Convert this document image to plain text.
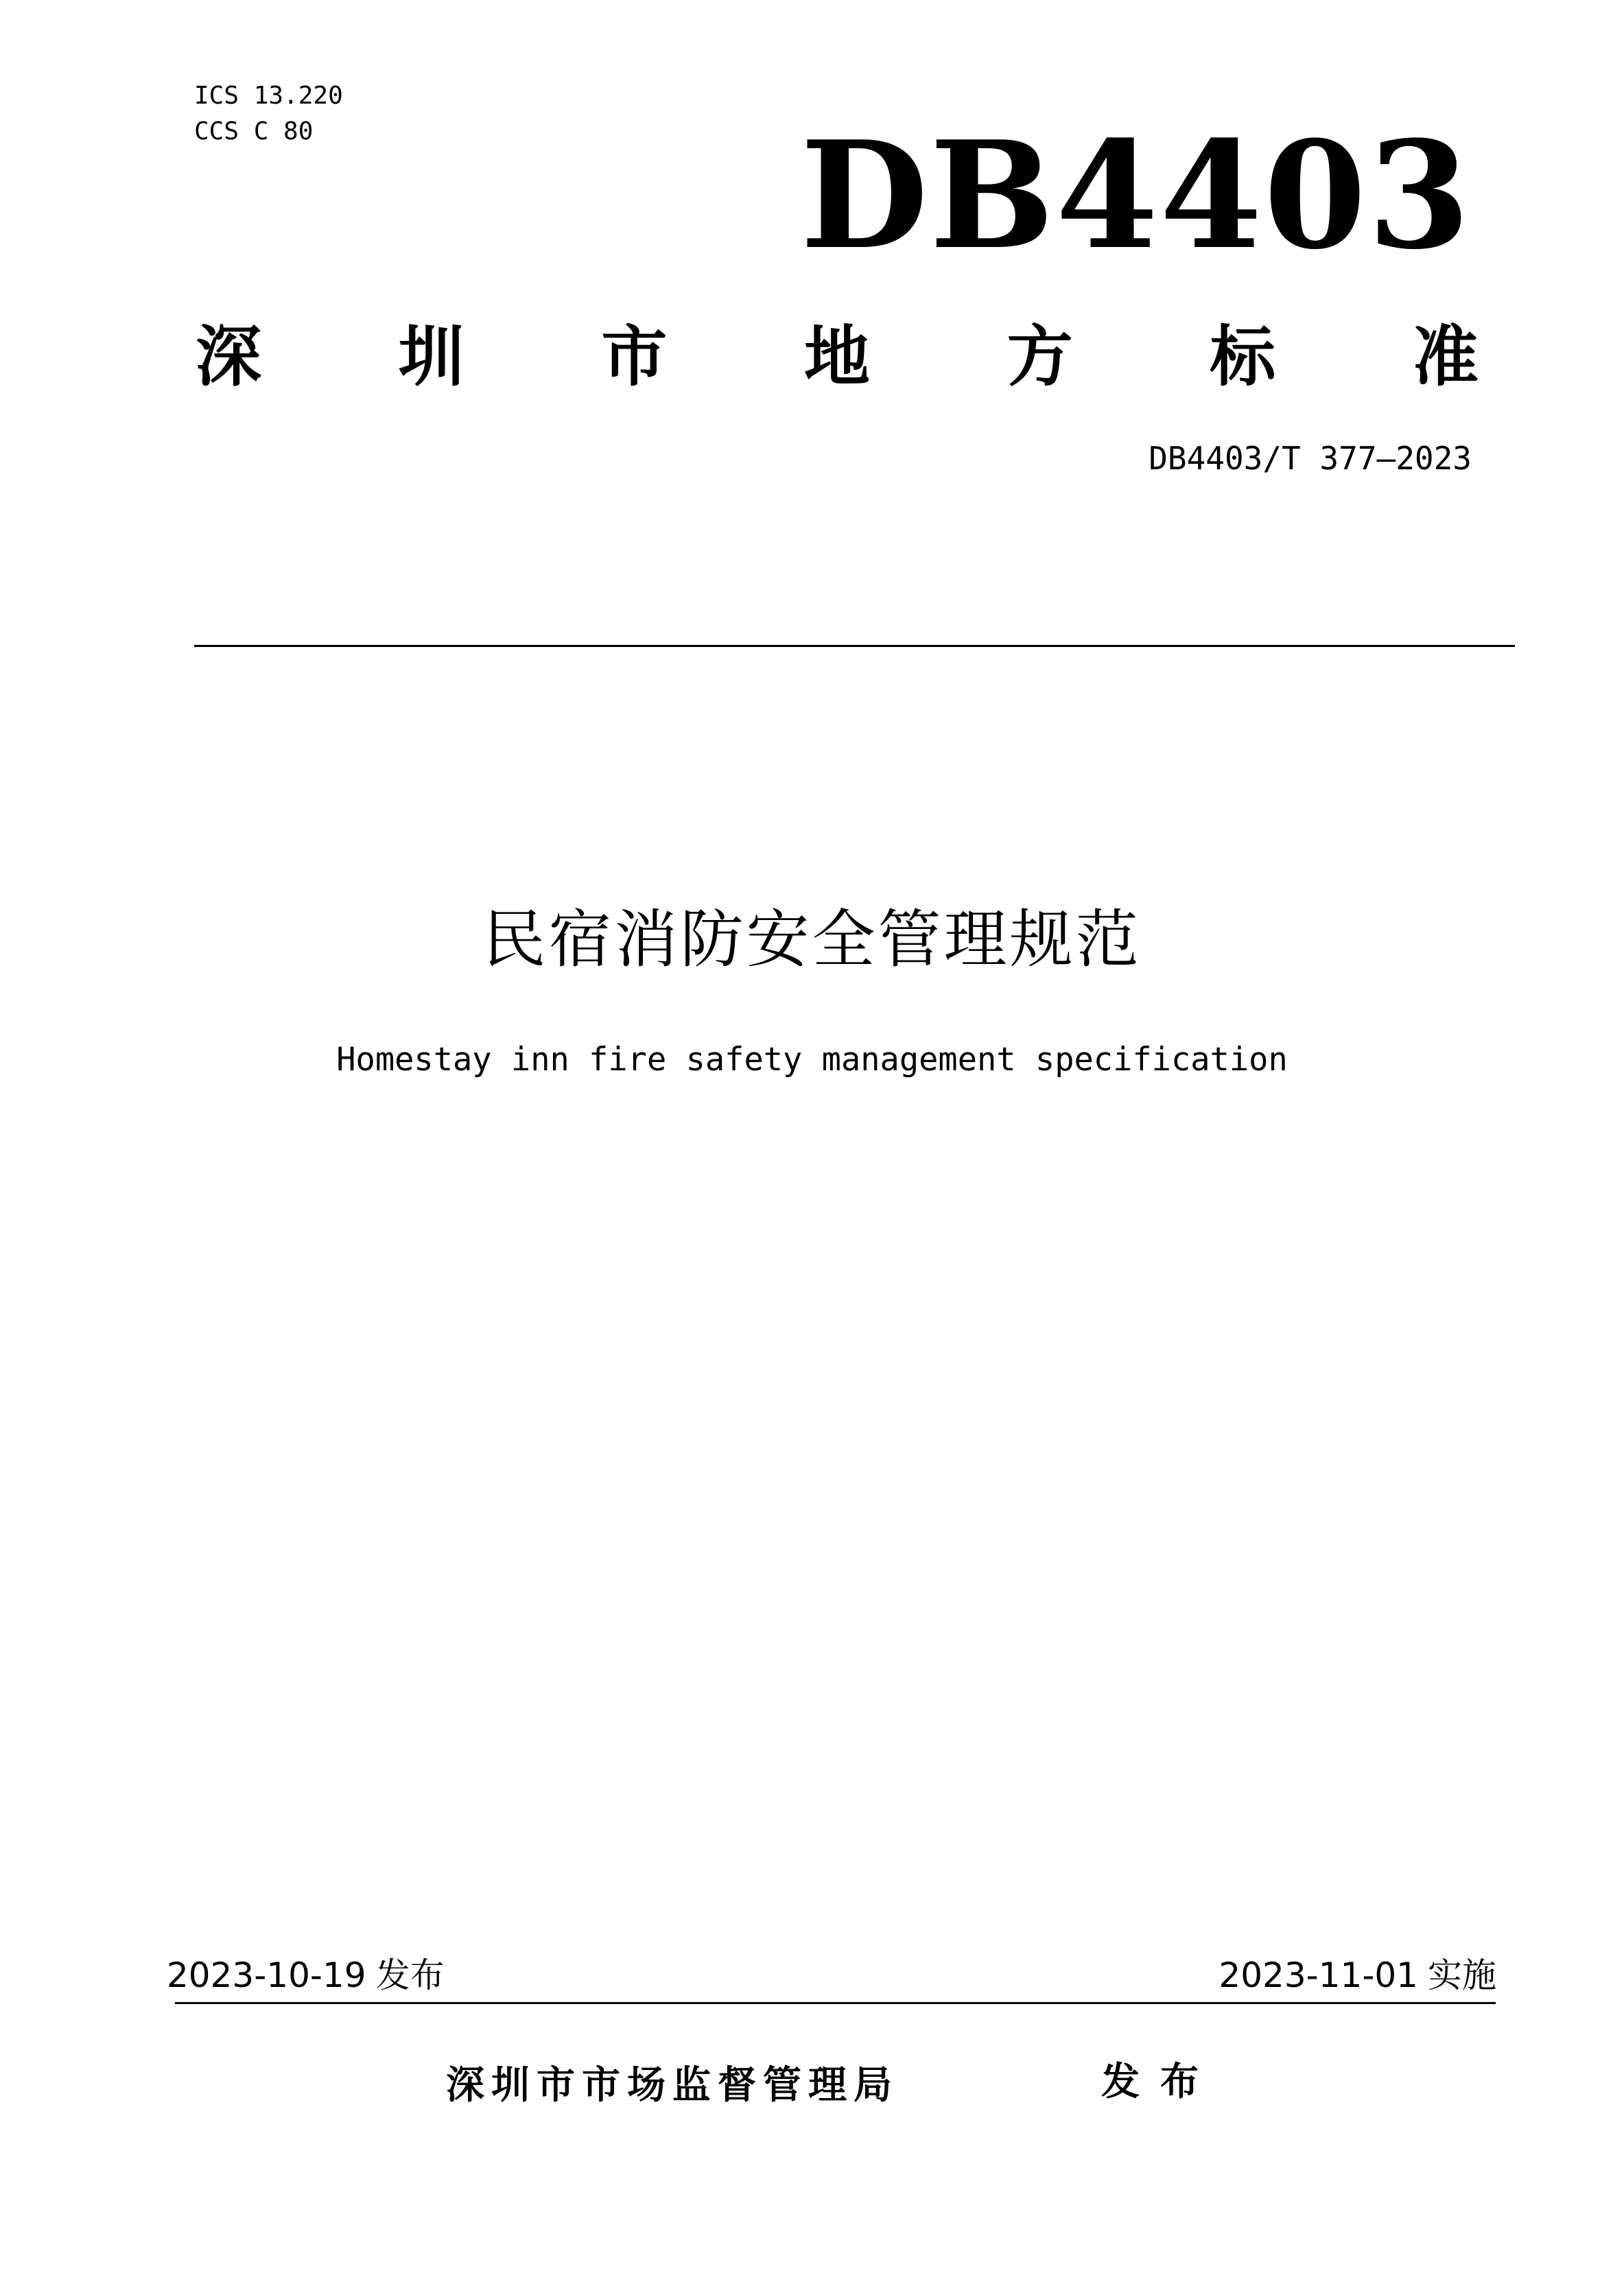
ICS 13.220
CCS C 80	DB4403
深 圳 市 地 方 标 准
DB4403/T 377—2023
民宿消防安全管理规范
Homestay inn fire safety management specification
2023-10-19 发布	2023-11-01 实施
深圳市市场监督管理局	发布
